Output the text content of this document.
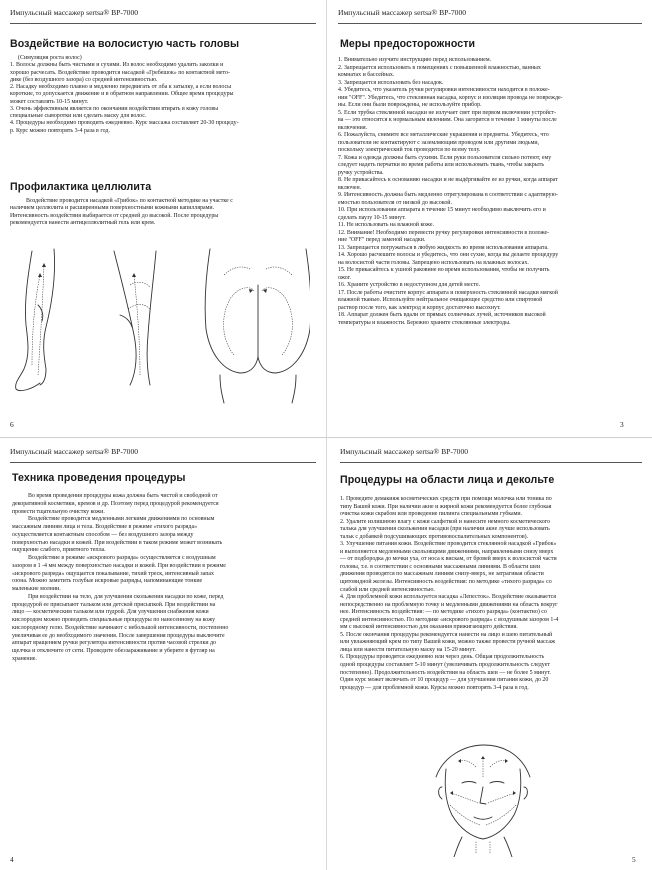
Импульсный массажер sertsa® BP-7000
Воздействие на волосистую часть головы
(Симуляция роста волос)
1. Волосы должны быть чистыми и сухими. Из волос необходимо удалить заколки и
хорошо расчесать. Воздействие проводится насадкой «Гребешок» по контактной мето-
дике (без воздушного зазора) со средней интенсивностью.
2. Насадку необходимо плавно и медленно передвигать от лба к затылку, а если волосы
короткие, то допускается движение и в обратном направлении. Общее время процедуры
может составлять 10-15 минут.
3. Очень эффективным является по окончании воздействия втирать в кожу головы
специальные сыворотки или сделать маску для волос.
4. Процедуры необходимо проводить ежедневно. Курс массажа составляет 20-30 процеду-
р. Курс можно повторять 3-4 раза в год.
Профилактика целлюлита
Воздействие проводится насадкой «Грибок» по контактной методике на участке с
наличием целлюлита и расширенными поверхностными кожными капиллярами.
Интенсивность воздействия выбирается от средней до высокой. После процедуры
рекомендуется нанести антицеллюлитный гель или крем.
6
Импульсный массажер sertsa® BP-7000
Меры предосторожности
1. Внимательно изучите инструкцию перед использованием.
2. Запрещается использовать в помещениях с повышенной влажностью, ванных
комнатах и бассейнах.
3. Запрещается использовать без насадок.
4. Убедитесь, что указатель ручки регулировки интенсивности находится в положе-
нии "OFF". Убедитесь, что стеклянная насадка, корпус и изоляция провода не поврежде-
ны. Если они были повреждены, не используйте прибор.
5. Если трубка стеклянной насадки не излучает свет при первом включении устройст-
ва — это относится к нормальным явлениям. Она загорится в течение 1 минуты после
включения.
6. Пожалуйста, снимите все металлические украшения и предметы. Убедитесь, что
пользователи не контактируют с заземляющим проводом или другими людьми,
поскольку электрический ток проводится по всему телу.
7. Кожа и одежда должны быть сухими. Если руки пользователя сильно потеют, ему
следует надеть перчатки во время работы или использовать ткань, чтобы закрыть
ручку устройства.
8. Не прикасайтесь к основанию насадки и не выдёргивайте ее из ручки, когда аппарат
включен.
9. Интенсивность должна быть медленно отрегулирована в соответствии с адаптирую-
емостью пользователя от низкой до высокой.
10. При использовании аппарата в течение 15 минут необходимо выключить его и
сделать паузу 10-15 минут.
11. Не использовать на влажной коже.
12. Внимание! Необходимо перевести ручку регулировки интенсивности в положе-
ние "OFF" перед заменой насадки.
13. Запрещается погружаться в любую жидкость во время использования аппарата.
14. Хорошо расчешите волосы и убедитесь, что они сухие, когда вы делаете процедуру
на волосистой части головы. Запрещено использовать на влажных волосах.
15. Не прикасайтесь к ушной раковине во время использования, чтобы не получить
ожог.
16. Храните устройство в недоступном для детей месте.
17. После работы очистите корпус аппарата и поверхность стеклянной насадки мягкой
влажной тканью. Используйте нейтральное очищающее средство или спиртовой
раствор после того, как электрод и корпус достаточно высохнут.
18. Аппарат должен быть вдали от прямых солнечных лучей, источников высокой
температуры и влажности. Бережно храните стеклянные электроды.
3
Импульсный массажер sertsa® BP-7000
Техника проведения процедуры
Во время проведения процедуры кожа должна быть чистой и свободной от
декоративной косметики, кремов и др. Поэтому перед процедурой рекомендуется
провести тщательную очистку кожи.
Воздействие проводится медленными легкими движениями по основным
массажным линиям лица и тела. Воздействие в режиме «тихого разряда»
осуществляется контактным способом — без воздушного зазора между
поверхностью насадки и кожей. При воздействии в таком режиме может возникать
ощущение слабого, приятного тепла.
Воздействие в режиме «искрового разряда» осуществляется с воздушным
зазором в 1 -4 мм между поверхностью насадки и кожей. При воздействии в режиме
«искрового разряда» ощущается покалывание, тихий треск, интенсивный запах
озона. Можно заметить голубые искровые разряды, напоминающие тонкие
маленькие молнии.
При воздействии на тело, для улучшения скольжения насадки по коже, перед
процедурой ее присыпают тальком или детской присыпкой. При воздействии на
лицо — косметическим тальком или пудрой. Для улучшения снабжения кожи
кислородом можно проводить специальные процедуры по нанесенному на кожу
кислородному гелю. Воздействие начинают с небольшой интенсивности, постепенно
увеличивая ее до необходимого значения. После завершения процедуры выключите
аппарат вращением ручки регулятора интенсивности против часовой стрелки до
щелчка и отключите от сети. Проведите обеззараживание и уберите в футляр на
хранение.
4
Импульсный массажер sertsa® BP-7000
Процедуры на области лица и декольте
1. Проведите демакияж косметических средств при помощи молочка или тоника по
типу Вашей кожи. При наличии акне и жирной кожи рекомендуется более глубокая
очистка кожи скрабом или проведение пилинга специальными губками.
2. Удалите излишнюю влагу с кожи салфеткой и нанесите немного косметического
талька для улучшения скольжения насадки (при наличии акне лучше использовать
тальк с добавкой подсушивающих противовоспалительных компонентов).
3. Улучшение питания кожи. Воздействие проводится стеклянной насадкой «Грибок»
и выполняется медленными скользящими движениями, направленными снизу вверх
— от подбородка до мочки уха, от носа к вискам, от бровей вверх к волосистой части
головы, т.е. в соответствии с основными массажными линиями. В области шеи
движения проводятся по массажным линиям снизу-вверх, не затрагивая области
щитовидной железы. Интенсивность воздействия: по методике «тихого разряда» со
слабой или средней интенсивностью.
4. Для проблемной кожи используется насадка «Лепесток». Воздействие оказывается
непосредственно на проблемную точку и медленными движениями на область вокруг
нее. Интенсивность воздействия: — по методике «тихого разряда» (контактно) со
средней интенсивностью. По методике «искрового разряда» с воздушным зазором 1-4
мм с высокой интенсивностью для оказания прижигающего действия.
5. После окончания процедуры рекомендуется нанести на лицо и шею питательный
или увлажняющий крем по типу Вашей кожи, можно также провести ручной массаж
лица или нанести питательную маску на 15-20 минут.
6. Процедуры проводятся ежедневно или через день. Общая продолжительность
одной процедуры составляет 5-10 минут (увеличивать продолжительность следует
постепенно). Продолжительность воздействия на область шеи — не более 5 минут.
Один курс может включать от 10 процедур — для улучшения питания кожи, до 20
процедур — для проблемной кожи. Курсы можно повторять 3-4 раза в год.
5
